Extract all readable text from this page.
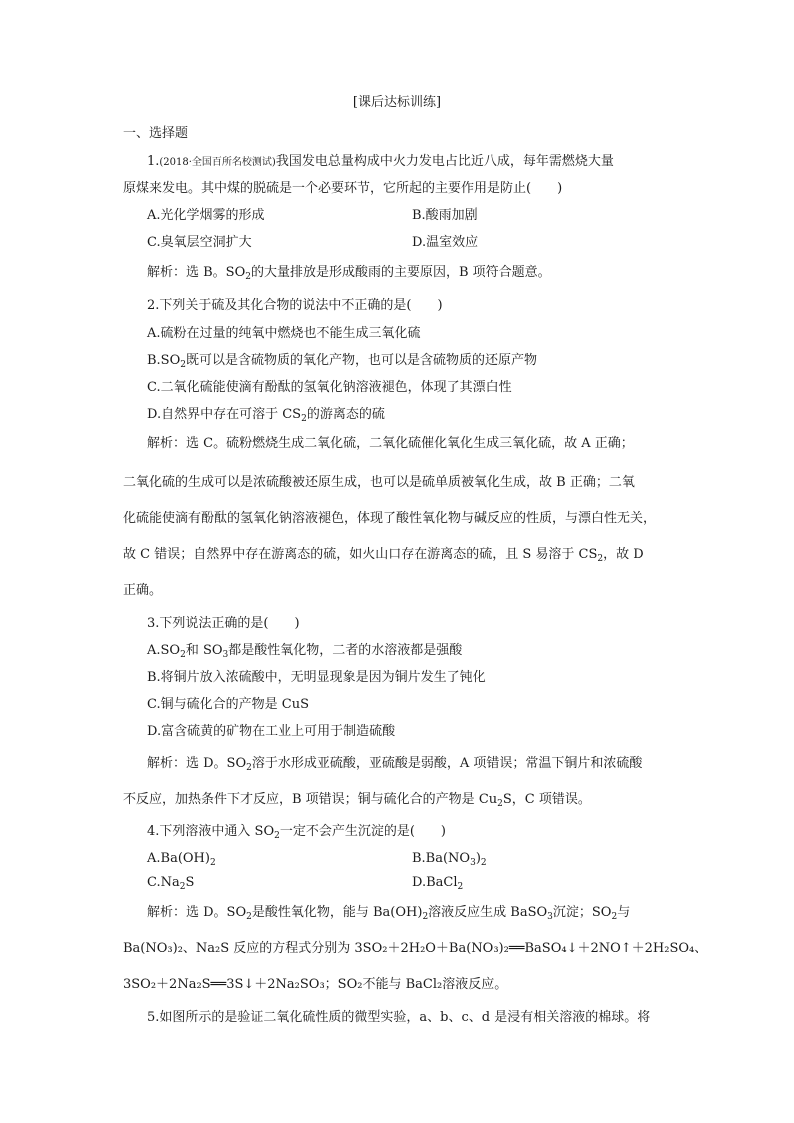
[课后达标训练]
一、选择题
1.(2018·全国百所名校测试)我国发电总量构成中火力发电占比近八成，每年需燃烧大量
原煤来发电。其中煤的脱硫是一个必要环节，它所起的主要作用是防止(　　)
A.光化学烟雾的形成	B.酸雨加剧
C.臭氧层空洞扩大	D.温室效应
解析：选 B。$SO_2$的大量排放是形成酸雨的主要原因，B 项符合题意。
2.下列关于硫及其化合物的说法中不正确的是(　　)
A.硫粉在过量的纯氧中燃烧也不能生成三氧化硫
$B.SO_2$既可以是含硫物质的氧化产物，也可以是含硫物质的还原产物
C.二氧化硫能使滴有酚酞的氢氧化钠溶液褪色，体现了其漂白性
D.自然界中存在可溶于 $CS_2$的游离态的硫
解析：选 C。硫粉燃烧生成二氧化硫，二氧化硫催化氧化生成三氧化硫，故 A 正确；
二氧化硫的生成可以是浓硫酸被还原生成，也可以是硫单质被氧化生成，故 B 正确；二氧
化硫能使滴有酚酞的氢氧化钠溶液褪色，体现了酸性氧化物与碱反应的性质，与漂白性无关，
故 C 错误；自然界中存在游离态的硫，如火山口存在游离态的硫，且 S 易溶于 $CS_2$，故 D
正确。
3.下列说法正确的是(　　)
$A.SO_2$和 $SO_3$都是酸性氧化物，二者的水溶液都是强酸
B.将铜片放入浓硫酸中，无明显现象是因为铜片发生了钝化
C.铜与硫化合的产物是 CuS
D.富含硫黄的矿物在工业上可用于制造硫酸
解析：选 D。$SO_2$溶于水形成亚硫酸，亚硫酸是弱酸，A 项错误；常温下铜片和浓硫酸
不反应，加热条件下才反应，B 项错误；铜与硫化合的产物是 $Cu_2S$，C 项错误。
4.下列溶液中通入 $SO_2$一定不会产生沉淀的是(　　)
$A.Ba(OH)_2$	$B.Ba(NO_3)_2$
$C.Na_2S$	D.BaCl$_2$
解析：选 D。$SO_2$是酸性氧化物，能与 $Ba(OH)_2$溶液反应生成 BaSO$_3$沉淀；$SO_2$与
Ba(NO₃)₂、Na₂S 反应的方程式分别为 3SO₂＋2H₂O＋Ba(NO₃)₂══BaSO₄↓＋2NO↑＋2H₂SO₄、
3SO₂＋2Na₂S══3S↓＋2Na₂SO₃；SO₂不能与 BaCl₂溶液反应。
5.如图所示的是验证二氧化硫性质的微型实验，a、b、c、d 是浸有相关溶液的棉球。将
